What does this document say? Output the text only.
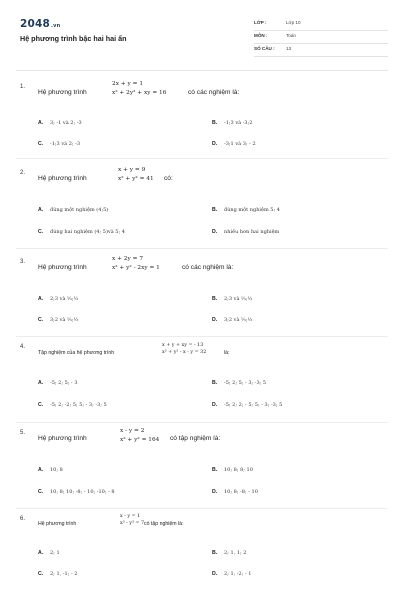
2048.vn
Hệ phương trình bậc hai hai ẩn
LỚP :	Lớp 10
MÔN :	Toán
SỐ CÂU : 13
1.
Hệ phương trình
2x + y = 1
x² + 2y² + xy = 16	có các nghiệm là:
A. 3; -1 và 2; -3	B. -1;3 và -3;2
C. -1;3 và 2; -3	D. -3;1 và 3; - 2
2.
Hệ phương trình
x + y = 9
x² + y² = 41 có:
A. đúng một nghiệm (4;5)	B. đúng một nghiệm 5; 4
C. đúng hai nghiệm (4; 5)và 5; 4	D. nhiều hơn hai nghiệm
3.
Hệ phương trình
x + 2y = 7
x² + y² - 2xy = 1	có các nghiệm là:
A. 2;3 và ⅓;⅓	B. 2;3 và ⅓;⅓
C. 3;2 và ⅓;⅓	D. 3;2 và ⅓;⅓
4.
Tập nghiệm của hệ phương trình
x + y + xy = - 13
x² + y² - x - y = 32	là:
A. -5; 2; 5; - 3	B. -5; 2; 5; - 3; -3; 5
C. -5; 2; -2; 5; 5; - 3; -3; 5	D. -5; 2; 2; - 5; 5; - 3; -3; 5
5.
Hệ phương trình
x - y = 2
x² + y² = 164 có tập nghiệm là:
A. 10; 8	B. 10; 8; 8; 10
C. 10; 8; 10; -8; - 10; -10; - 8	D. 10; 8; -8; - 10
6.
Hệ phương trình
x - y = 1
x³ - y³ = 7 có tập nghiệm là:
A. 2; 1	B. 2; 1, 1; 2
C. 2; 1, -1; - 2	D. 2; 1, -2; - 1
